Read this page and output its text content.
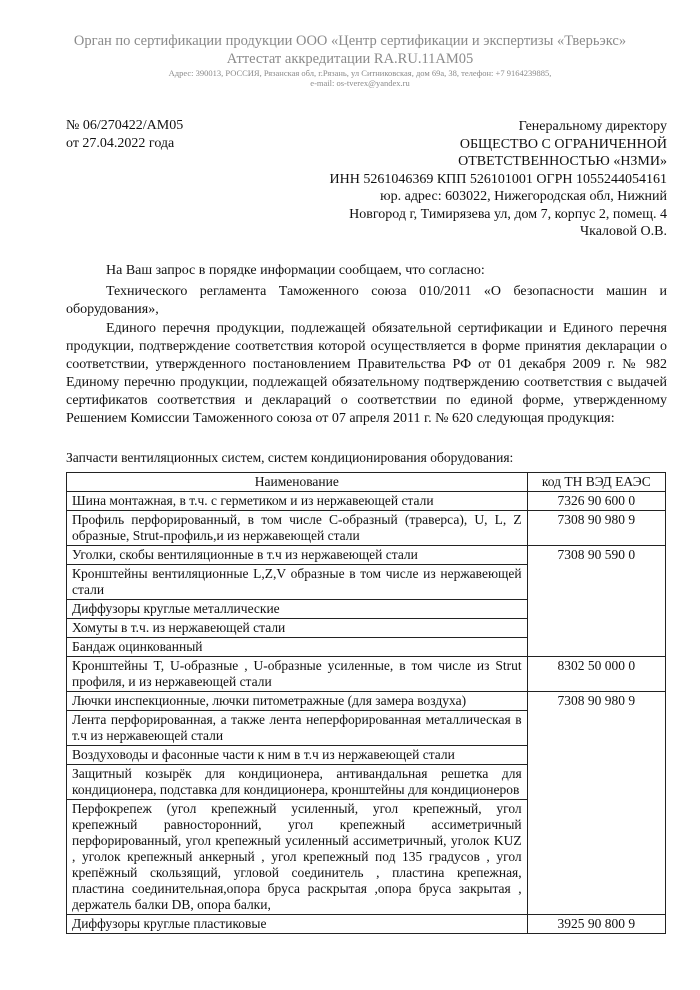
Орган по сертификации продукции ООО «Центр сертификации и экспертизы «Тверьэкс»
Аттестат аккредитации RA.RU.11AM05
Адрес: 390013, РОССИЯ, Рязанская обл, г.Рязань, ул Ситниковская, дом 69а, 38, телефон: +7 9164239885,
e-mail: os-tverex@yandex.ru
№ 06/270422/AM05
от 27.04.2022 года
Генеральному директору
ОБЩЕСТВО С ОГРАНИЧЕННОЙ
ОТВЕТСТВЕННОСТЬЮ «НЗМИ»
ИНН 5261046369 КПП 526101001 ОГРН 1055244054161
юр. адрес: 603022, Нижегородская обл, Нижний
Новгород г, Тимирязева ул, дом 7, корпус 2, помещ. 4
Чкаловой О.В.
На Ваш запрос в порядке информации сообщаем, что согласно:
Технического регламента Таможенного союза 010/2011 «О безопасности машин и оборудования»,
Единого перечня продукции, подлежащей обязательной сертификации и Единого перечня продукции, подтверждение соответствия которой осуществляется в форме принятия декларации о соответствии, утвержденного постановлением Правительства РФ от 01 декабря 2009 г. № 982 Единому перечню продукции, подлежащей обязательному подтверждению соответствия с выдачей сертификатов соответствия и деклараций о соответствии по единой форме, утвержденному Решением Комиссии Таможенного союза от 07 апреля 2011 г. № 620 следующая продукция:
Запчасти вентиляционных систем, систем кондиционирования оборудования:
Наименование	код ТН ВЭД ЕАЭС
Шина монтажная, в т.ч. с герметиком и из нержавеющей стали	7326 90 600 0
Профиль перфорированный, в том числе С-образный (траверса), U, L, Z образные, Strut-профиль,и из нержавеющей стали	7308 90 980 9
Уголки, скобы вентиляционные в т.ч из нержавеющей стали	7308 90 590 0
Кронштейны вентиляционные L,Z,V образные в том числе из нержавеющей стали	
Диффузоры круглые металлические	
Хомуты в т.ч. из нержавеющей стали	
Бандаж оцинкованный	
Кронштейны T, U-образные , U-образные усиленные, в том числе из Strut профиля, и из нержавеющей стали	8302 50 000 0
Лючки инспекционные, лючки питометражные (для замера воздуха)	7308 90 980 9
Лента перфорированная, а также лента неперфорированная металлическая в т.ч из нержавеющей стали	
Воздуховоды и фасонные части к ним в т.ч из нержавеющей стали	
Защитный козырёк для кондиционера, антивандальная решетка для кондиционера, подставка для кондиционера, кронштейны для кондиционеров	
Перфокрепеж (угол крепежный усиленный, угол крепежный, угол крепежный равносторонний, угол крепежный ассиметричный перфорированный, угол крепежный усиленный ассиметричный, уголок KUZ , уголок крепежный анкерный , угол крепежный под 135 градусов , угол крепёжный скользящий, угловой соединитель , пластина крепежная, пластина соединительная,опора бруса раскрытая ,опора бруса закрытая , держатель балки DB, опора балки,	
Диффузоры круглые пластиковые	3925 90 800 9
